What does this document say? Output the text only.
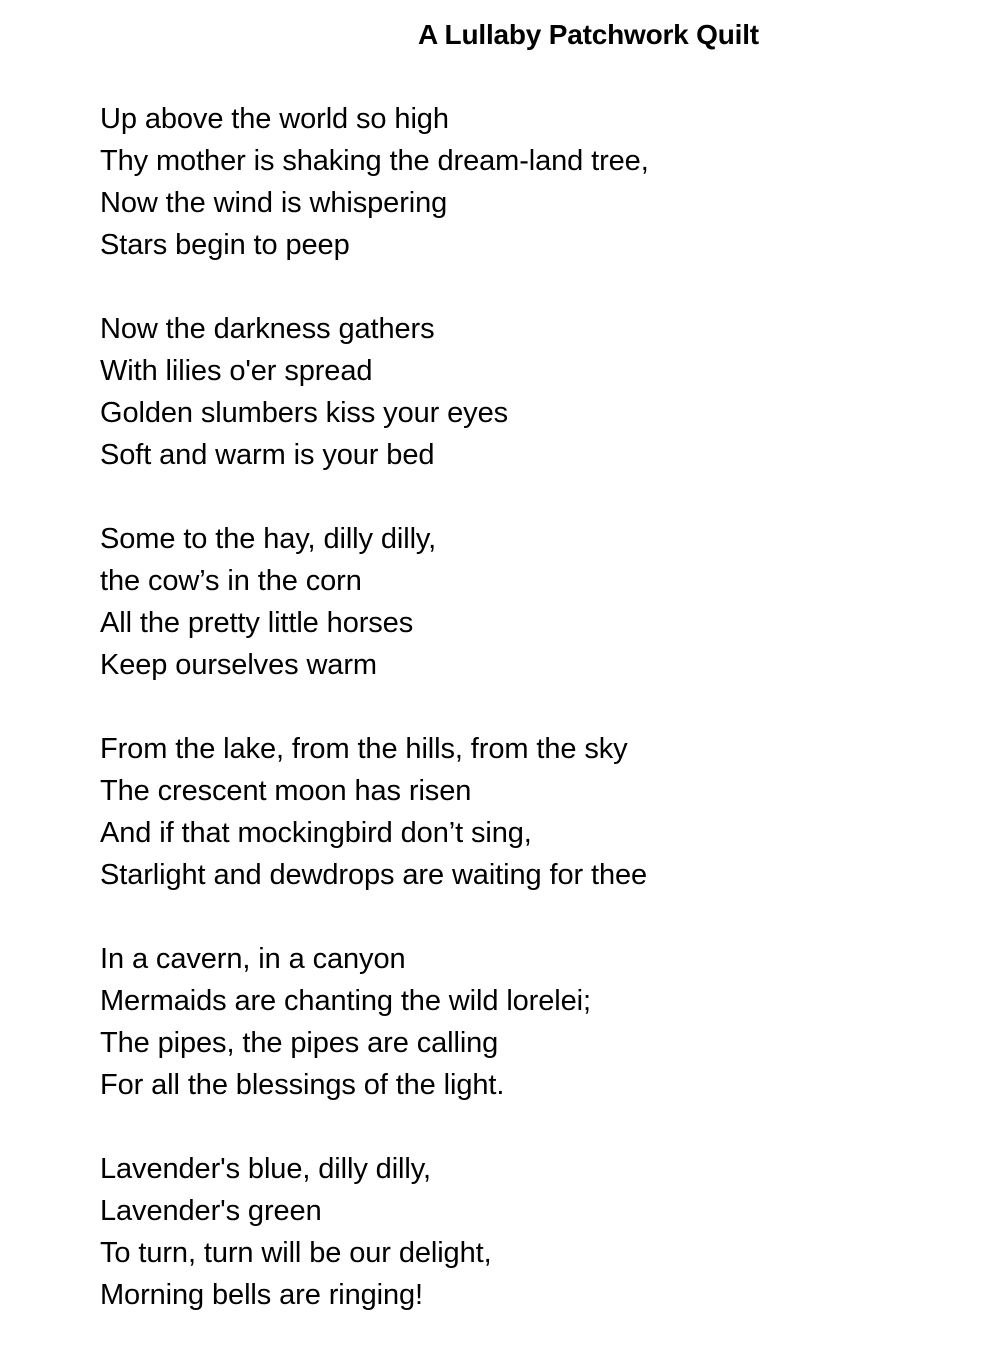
A Lullaby Patchwork Quilt
Up above the world so high
Thy mother is shaking the dream-land tree,
Now the wind is whispering
Stars begin to peep
Now the darkness gathers
With lilies o'er spread
Golden slumbers kiss your eyes
Soft and warm is your bed
Some to the hay, dilly dilly,
the cow’s in the corn
All the pretty little horses
Keep ourselves warm
From the lake, from the hills, from the sky
The crescent moon has risen
And if that mockingbird don’t sing,
Starlight and dewdrops are waiting for thee
In a cavern, in a canyon
Mermaids are chanting the wild lorelei;
The pipes, the pipes are calling
For all the blessings of the light.
Lavender's blue, dilly dilly,
Lavender's green
To turn, turn will be our delight,
Morning bells are ringing!
